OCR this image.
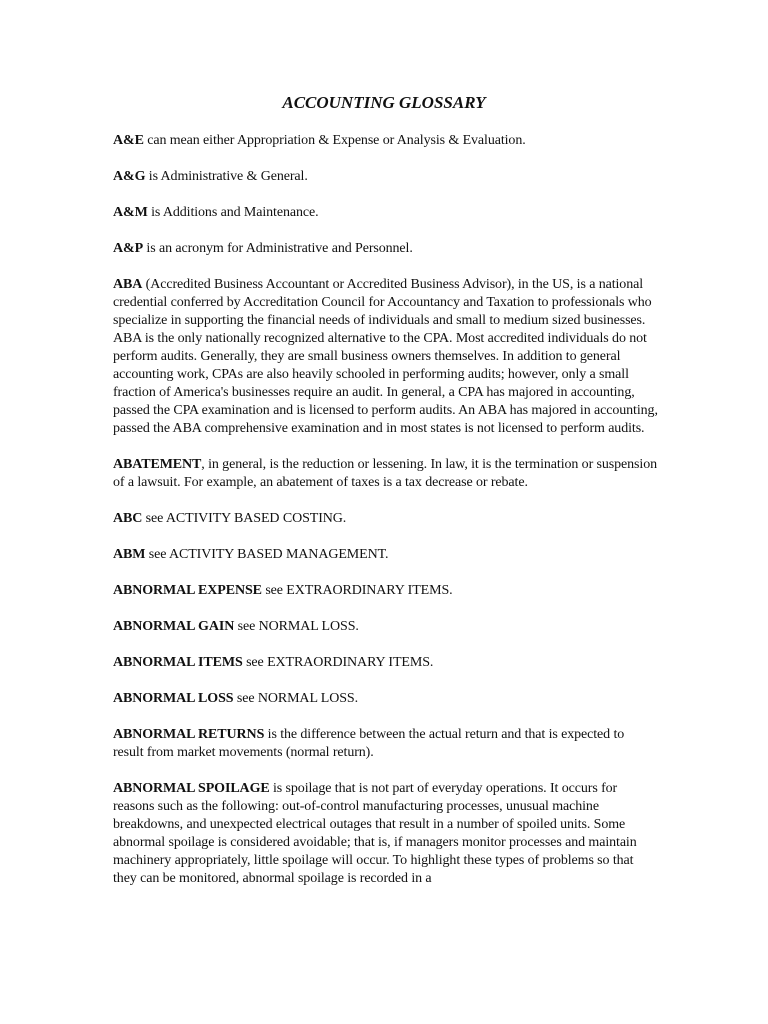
ACCOUNTING GLOSSARY

A&E can mean either Appropriation & Expense or Analysis & Evaluation.

A&G is Administrative & General.

A&M is Additions and Maintenance.

A&P is an acronym for Administrative and Personnel.

ABA (Accredited Business Accountant or Accredited Business Advisor), in the US, is a national credential conferred by Accreditation Council for Accountancy and Taxation to professionals who specialize in supporting the financial needs of individuals and small to medium sized businesses. ABA is the only nationally recognized alternative to the CPA. Most accredited individuals do not perform audits. Generally, they are small business owners themselves. In addition to general accounting work, CPAs are also heavily schooled in performing audits; however, only a small fraction of America's businesses require an audit. In general, a CPA has majored in accounting, passed the CPA examination and is licensed to perform audits. An ABA has majored in accounting, passed the ABA comprehensive examination and in most states is not licensed to perform audits.

ABATEMENT, in general, is the reduction or lessening. In law, it is the termination or suspension of a lawsuit. For example, an abatement of taxes is a tax decrease or rebate.

ABC see ACTIVITY BASED COSTING.

ABM see ACTIVITY BASED MANAGEMENT.

ABNORMAL EXPENSE see EXTRAORDINARY ITEMS.

ABNORMAL GAIN see NORMAL LOSS.

ABNORMAL ITEMS see EXTRAORDINARY ITEMS.

ABNORMAL LOSS see NORMAL LOSS.

ABNORMAL RETURNS is the difference between the actual return and that is expected to result from market movements (normal return).

ABNORMAL SPOILAGE is spoilage that is not part of everyday operations. It occurs for reasons such as the following: out-of-control manufacturing processes, unusual machine breakdowns, and unexpected electrical outages that result in a number of spoiled units. Some abnormal spoilage is considered avoidable; that is, if managers monitor processes and maintain machinery appropriately, little spoilage will occur. To highlight these types of problems so that they can be monitored, abnormal spoilage is recorded in a
